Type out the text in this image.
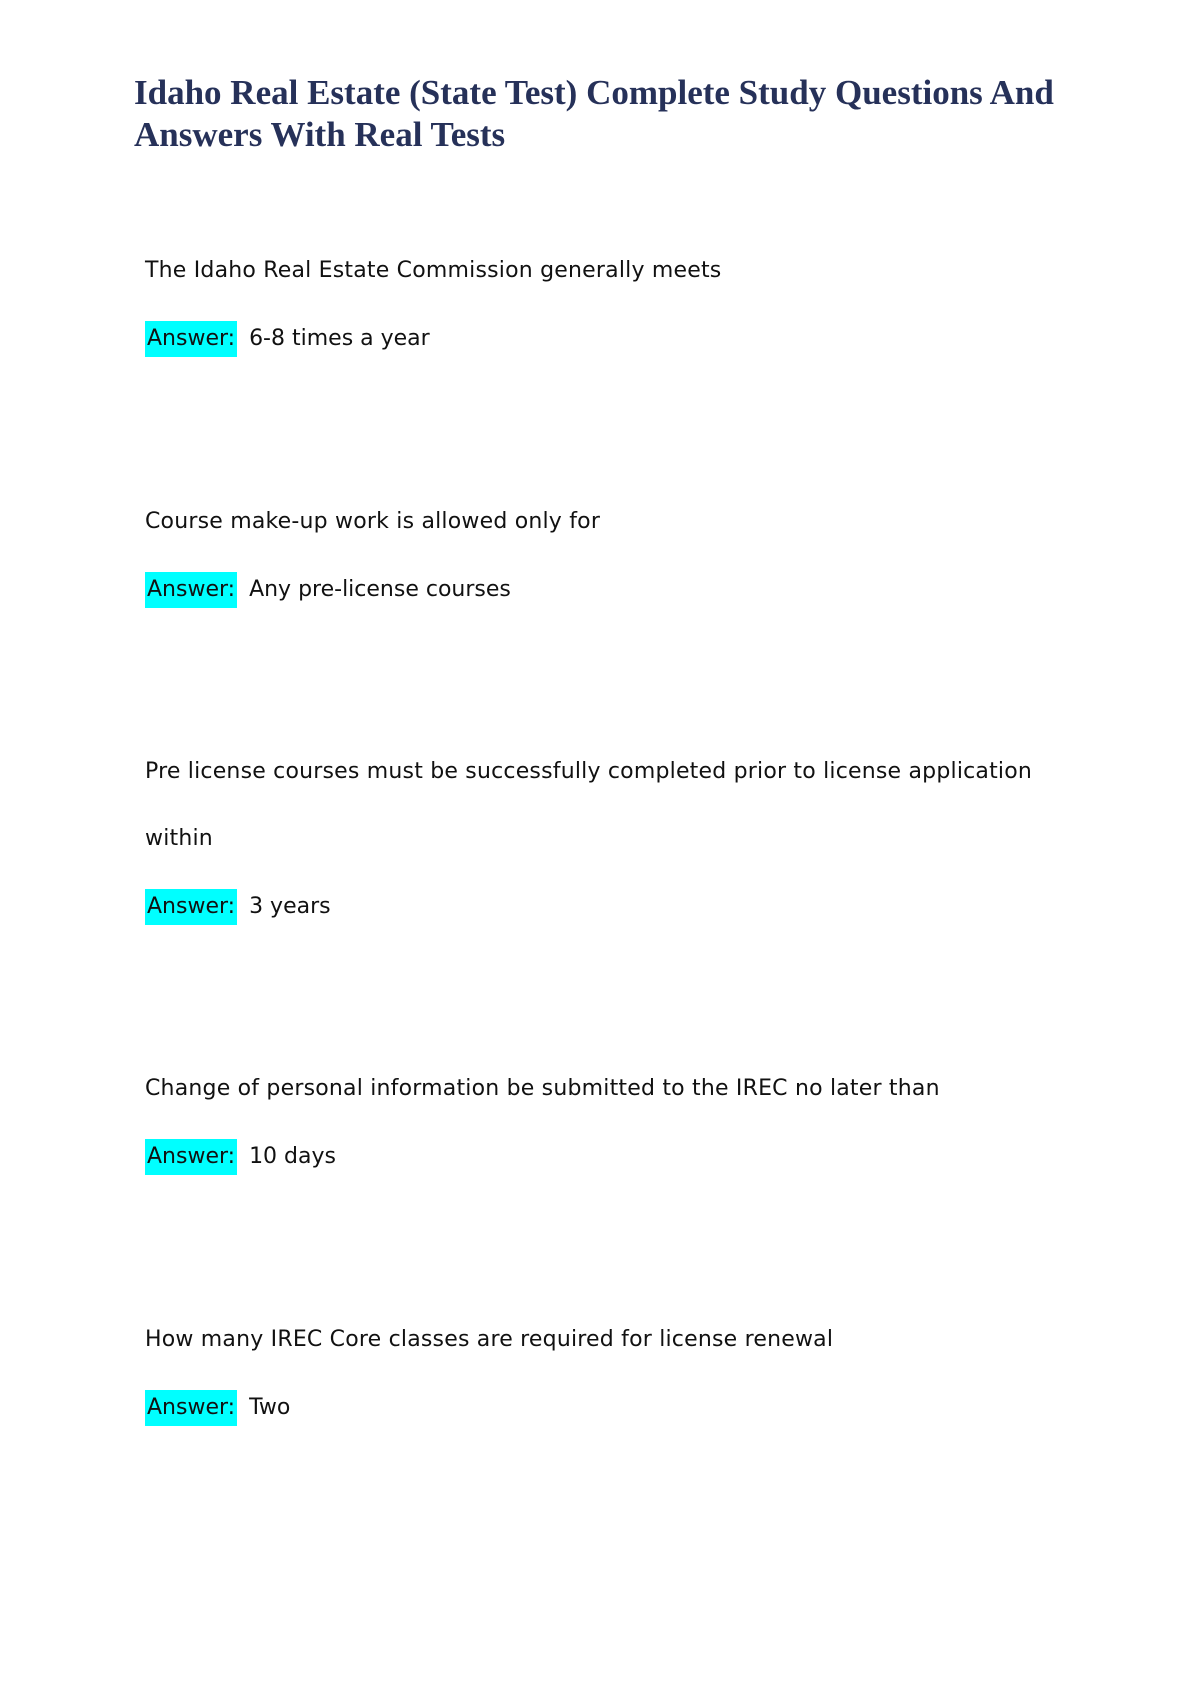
Idaho Real Estate (State Test) Complete Study Questions And Answers With Real Tests

The Idaho Real Estate Commission generally meets

Answer: 6-8 times a year

Course make-up work is allowed only for

Answer: Any pre-license courses

Pre license courses must be successfully completed prior to license application within

Answer: 3 years

Change of personal information be submitted to the IREC no later than

Answer: 10 days

How many IREC Core classes are required for license renewal

Answer: Two
